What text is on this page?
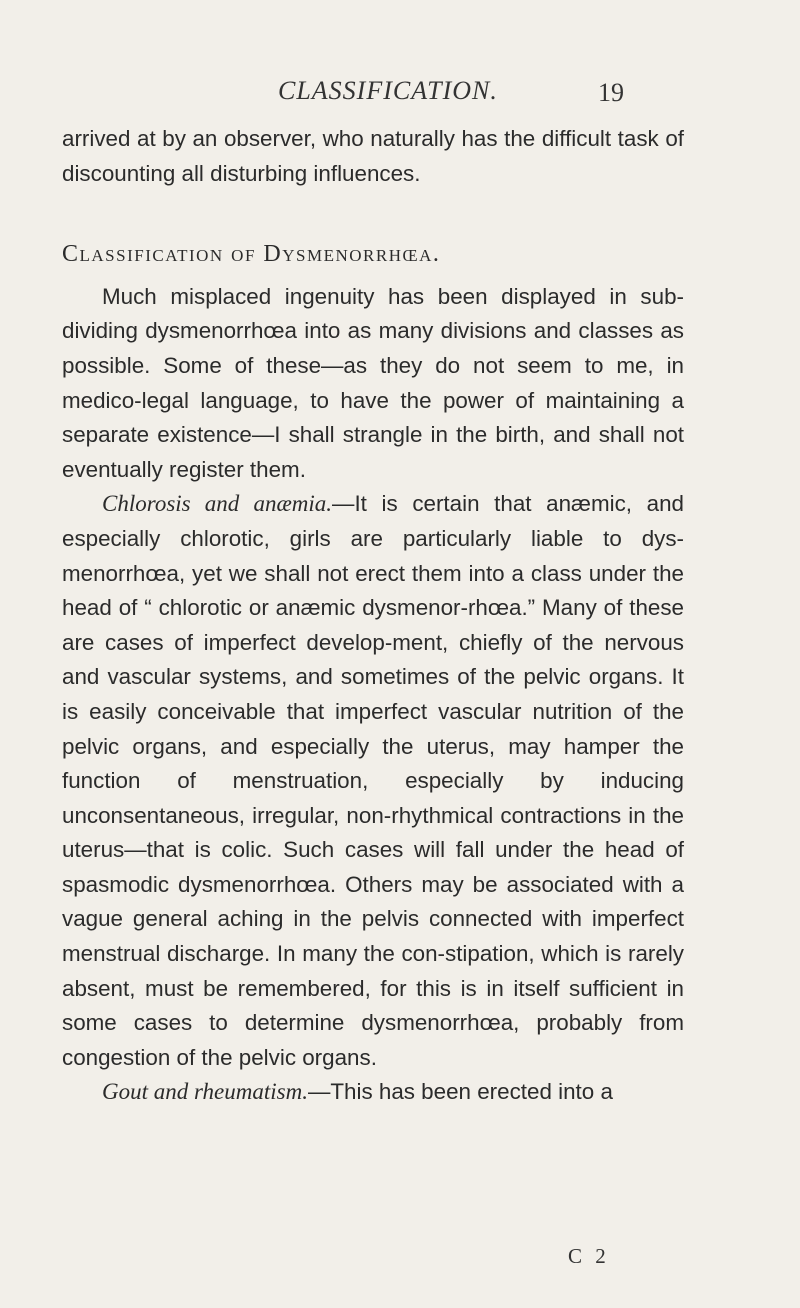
CLASSIFICATION.	19

arrived at by an observer, who naturally has the difficult task of discounting all disturbing influences.

Classification of Dysmenorrhœa.

Much misplaced ingenuity has been displayed in sub-dividing dysmenorrhœa into as many divisions and classes as possible. Some of these—as they do not seem to me, in medico-legal language, to have the power of maintaining a separate existence—I shall strangle in the birth, and shall not eventually register them.

Chlorosis and anæmia.—It is certain that anæmic, and especially chlorotic, girls are particularly liable to dys-menorrhœa, yet we shall not erect them into a class under the head of “ chlorotic or anæmic dysmenor-rhœa.” Many of these are cases of imperfect develop-ment, chiefly of the nervous and vascular systems, and sometimes of the pelvic organs. It is easily conceivable that imperfect vascular nutrition of the pelvic organs, and especially the uterus, may hamper the function of menstruation, especially by inducing unconsentaneous, irregular, non-rhythmical contractions in the uterus—that is colic. Such cases will fall under the head of spasmodic dysmenorrhœa. Others may be associated with a vague general aching in the pelvis connected with imperfect menstrual discharge. In many the con-stipation, which is rarely absent, must be remembered, for this is in itself sufficient in some cases to determine dysmenorrhœa, probably from congestion of the pelvic organs.

Gout and rheumatism.—This has been erected into a

C 2
